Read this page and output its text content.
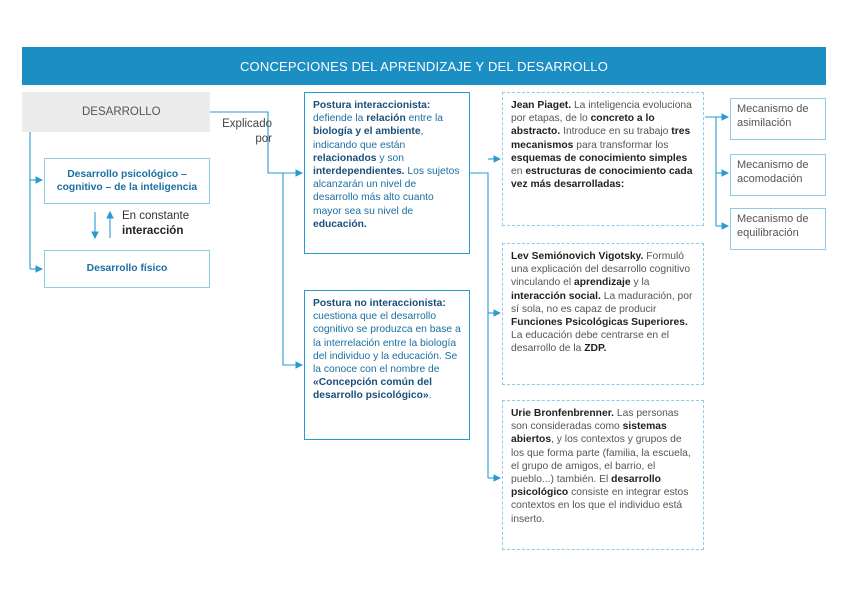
CONCEPCIONES DEL APRENDIZAJE Y DEL DESARROLLO
DESARROLLO
Desarrollo psicológico – cognitivo – de la inteligencia
En constante
interacción
Desarrollo físico
Explicado
por
Postura interaccionista: defiende la relación entre la biología y el ambiente, indicando que están relacionados y son interdependientes. Los sujetos alcanzarán un nivel de desarrollo más alto cuanto mayor sea su nivel de educación.
Postura no interaccionista: cuestiona que el desarrollo cognitivo se produzca en base a la interrelación entre la biología del individuo y la educación. Se la conoce con el nombre de «Concepción común del desarrollo psicológico».
Jean Piaget. La inteligencia evoluciona por etapas, de lo concreto a lo abstracto. Introduce en su trabajo tres mecanismos para transformar los esquemas de conocimiento simples en estructuras de conocimiento cada vez más desarrolladas:
Lev Semiónovich Vigotsky. Formuló una explicación del desarrollo cognitivo vinculando el aprendizaje y la interacción social. La maduración, por sí sola, no es capaz de producir Funciones Psicológicas Superiores. La educación debe centrarse en el desarrollo de la ZDP.
Urie Bronfenbrenner. Las personas son consideradas como sistemas abiertos, y los contextos y grupos de los que forma parte (familia, la escuela, el grupo de amigos, el barrio, el pueblo...) también. El desarrollo psicológico consiste en integrar estos contextos en los que el individuo está inserto.
Mecanismo de asimilación
Mecanismo de acomodación
Mecanismo de equilibración
